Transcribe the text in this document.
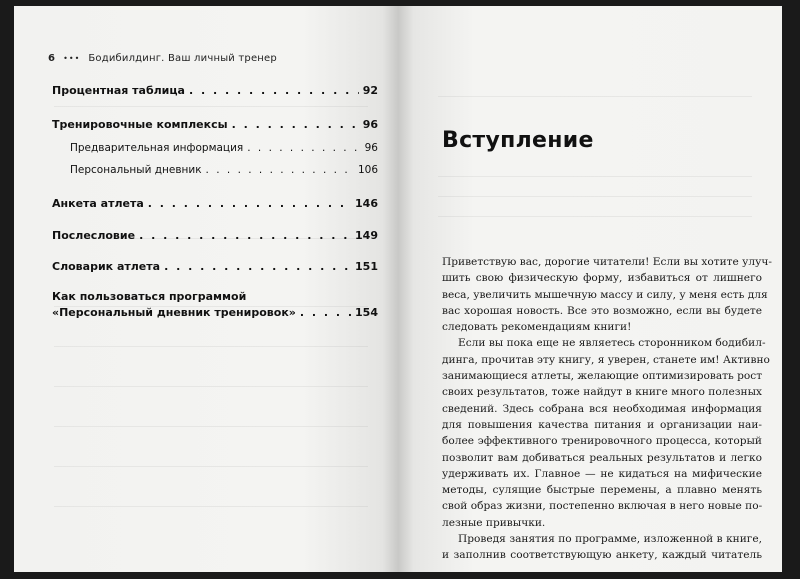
6 ••• Бодибилдинг. Ваш личный тренер
Процентная таблица . . .	92
Тренировочные комплексы . . .	96
Предварительная информация . . .	96
Персональный дневник . . .	106
Анкета атлета . . .	146
Послесловие . . .	149
Словарик атлета . . .	151
Как пользоваться программой
«Персональный дневник тренировок» . . .	154
Вступление
Приветствую вас, дорогие читатели! Если вы хотите улуч-
шить свою физическую форму, избавиться от лишнего
веса, увеличить мышечную массу и силу, у меня есть для
вас хорошая новость. Все это возможно, если вы будете
следовать рекомендациям книги!
Если вы пока еще не являетесь сторонником бодибил-
динга, прочитав эту книгу, я уверен, станете им! Активно
занимающиеся атлеты, желающие оптимизировать рост
своих результатов, тоже найдут в книге много полезных
сведений. Здесь собрана вся необходимая информация
для повышения качества питания и организации наи-
более эффективного тренировочного процесса, который
позволит вам добиваться реальных результатов и легко
удерживать их. Главное — не кидаться на мифические
методы, сулящие быстрые перемены, а плавно менять
свой образ жизни, постепенно включая в него новые по-
лезные привычки.
Проведя занятия по программе, изложенной в книге,
и заполнив соответствующую анкету, каждый читатель
